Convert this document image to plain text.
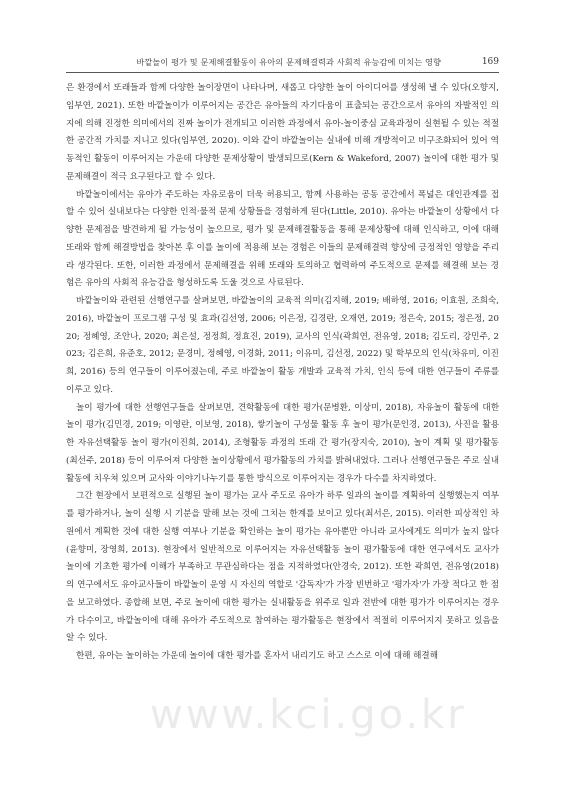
바깥놀이 평가 및 문제해결활동이 유아의 문제해결력과 사회적 유능감에 미치는 영향	169
www.kci.go.kr

은 환경에서 또래들과 함께 다양한 놀이장면이 나타나며, 새롭고 다양한 놀이 아이디어를 생성해 낼 수 있다(오향지, 임부연, 2021). 또한 바깥놀이가 이루어지는 공간은 유아들의 자기다움이 표출되는 공간으로서 유아의 자발적인 의지에 의해 진정한 의미에서의 진짜 놀이가 전개되고 이러한 과정에서 유아-놀이중심 교육과정이 실현될 수 있는 적절한 공간적 가치를 지니고 있다(임부연, 2020). 이와 같이 바깥놀이는 실내에 비해 개방적이고 비구조화되어 있어 역동적인 활동이 이루어지는 가운데 다양한 문제상황이 발생되므로(Kern & Wakeford, 2007) 놀이에 대한 평가 및 문제해결이 적극 요구된다고 할 수 있다.

바깥놀이에서는 유아가 주도하는 자유로움이 더욱 허용되고, 함께 사용하는 공동 공간에서 폭넓은 대인관계를 접할 수 있어 실내보다는 다양한 인적·물적 문제 상황들을 경험하게 된다(Little, 2010). 유아는 바깥놀이 상황에서 다양한 문제점을 발견하게 될 가능성이 높으므로, 평가 및 문제해결활동을 통해 문제상황에 대해 인식하고, 이에 대해 또래와 함께 해결방법을 찾아본 후 이를 놀이에 적용해 보는 경험은 이들의 문제해결력 향상에 긍정적인 영향을 주리라 생각된다. 또한, 이러한 과정에서 문제해결을 위해 또래와 토의하고 협력하여 주도적으로 문제를 해결해 보는 경험은 유아의 사회적 유능감을 형성하도록 도울 것으로 사료된다.

바깥놀이와 관련된 선행연구를 살펴보면, 바깥놀이의 교육적 의미(김지해, 2019; 배하영, 2016; 이효원, 조희숙, 2016), 바깥놀이 프로그램 구성 및 효과(김선영, 2006; 이은정, 김경란, 오재연, 2019; 정은숙, 2015; 정은정, 2020; 정혜영, 조안나, 2020; 최은설, 정정희, 정효진, 2019), 교사의 인식(곽희연, 전유영, 2018; 김도리, 강민주, 2023; 김은희, 유준호, 2012; 문경미, 정혜영, 이경화, 2011; 이유미, 김선정, 2022) 및 학부모의 인식(차유미, 이진희, 2016) 등의 연구들이 이루어졌는데, 주로 바깥놀이 활동 개발과 교육적 가치, 인식 등에 대한 연구들이 주류를 이루고 있다.

놀이 평가에 대한 선행연구들을 살펴보면, 견학활동에 대한 평가(문병환, 이상미, 2018), 자유놀이 활동에 대한 놀이 평가(김민경, 2019; 이영란, 이보영, 2018), 쌓기놀이 구성물 활동 후 놀이 평가(문인경, 2013), 사진을 활용한 자유선택활동 놀이 평가(이진희, 2014), 조형활동 과정의 또래 간 평가(장지숙, 2010), 놀이 계획 및 평가활동(최선주, 2018) 등이 이루어져 다양한 놀이상황에서 평가활동의 가치를 밝혀내었다. 그러나 선행연구들은 주로 실내 활동에 치우쳐 있으며 교사와 이야기나누기를 통한 방식으로 이루어지는 경우가 다수를 차지하였다.

그간 현장에서 보편적으로 실행된 놀이 평가는 교사 주도로 유아가 하루 일과의 놀이를 계획하여 실행했는지 여부를 평가하거나, 놀이 실행 시 기분을 말해 보는 것에 그치는 한계를 보이고 있다(최서은, 2015). 이러한 피상적인 차원에서 계획한 것에 대한 실행 여부나 기분을 확인하는 놀이 평가는 유아뿐만 아니라 교사에게도 의미가 높지 않다(윤향미, 장영희, 2013). 현장에서 일반적으로 이루어지는 자유선택활동 놀이 평가활동에 대한 연구에서도 교사가 놀이에 기초한 평가에 이해가 부족하고 무관심하다는 점을 지적하였다(안경숙, 2012). 또한 곽희연, 전유영(2018)의 연구에서도 유아교사들이 바깥놀이 운영 시 자신의 역할로 '감독자'가 가장 빈번하고 '평가자'가 가장 적다고 한 점을 보고하였다. 종합해 보면, 주로 놀이에 대한 평가는 실내활동을 위주로 일과 전반에 대한 평가가 이루어지는 경우가 다수이고, 바깥놀이에 대해 유아가 주도적으로 참여하는 평가활동은 현장에서 적절히 이루어지지 못하고 있음을 알 수 있다.

한편, 유아는 놀이하는 가운데 놀이에 대한 평가를 혼자서 내리기도 하고 스스로 이에 대해 해결해
